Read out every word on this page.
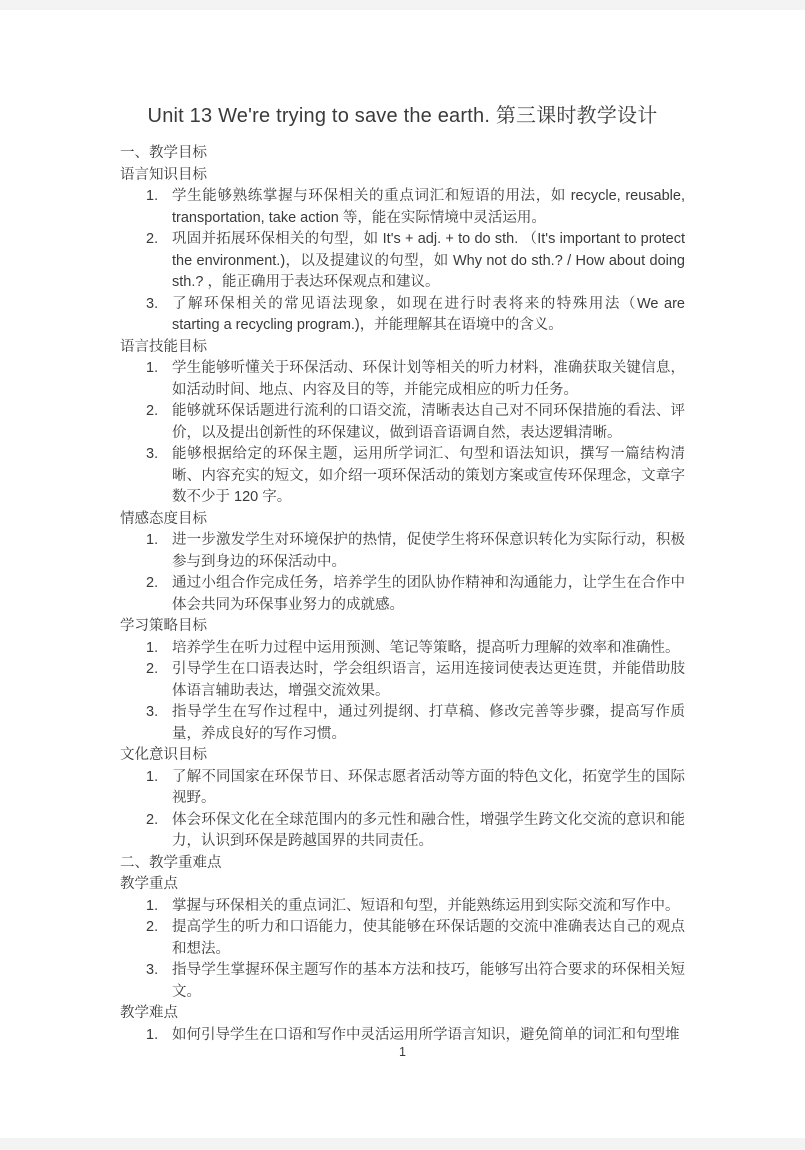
Unit 13 We're trying to save the earth. 第三课时教学设计

一、教学目标

语言知识目标

学生能够熟练掌握与环保相关的重点词汇和短语的用法，如 recycle, reusable, transportation, take action 等，能在实际情境中灵活运用。
巩固并拓展环保相关的句型，如 It's + adj. + to do sth. （It's important to protect the environment.)，以及提建议的句型，如 Why not do sth.? / How about doing sth.? ，能正确用于表达环保观点和建议。
了解环保相关的常见语法现象，如现在进行时表将来的特殊用法（We are starting a recycling program.)，并能理解其在语境中的含义。

语言技能目标

学生能够听懂关于环保活动、环保计划等相关的听力材料，准确获取关键信息，如活动时间、地点、内容及目的等，并能完成相应的听力任务。
能够就环保话题进行流利的口语交流，清晰表达自己对不同环保措施的看法、评价，以及提出创新性的环保建议，做到语音语调自然，表达逻辑清晰。
能够根据给定的环保主题，运用所学词汇、句型和语法知识，撰写一篇结构清晰、内容充实的短文，如介绍一项环保活动的策划方案或宣传环保理念，文章字数不少于 120 字。

情感态度目标

进一步激发学生对环境保护的热情，促使学生将环保意识转化为实际行动，积极参与到身边的环保活动中。
通过小组合作完成任务，培养学生的团队协作精神和沟通能力，让学生在合作中体会共同为环保事业努力的成就感。

学习策略目标

培养学生在听力过程中运用预测、笔记等策略，提高听力理解的效率和准确性。
引导学生在口语表达时，学会组织语言，运用连接词使表达更连贯，并能借助肢体语言辅助表达，增强交流效果。
指导学生在写作过程中，通过列提纲、打草稿、修改完善等步骤，提高写作质量，养成良好的写作习惯。

文化意识目标

了解不同国家在环保节日、环保志愿者活动等方面的特色文化，拓宽学生的国际视野。
体会环保文化在全球范围内的多元性和融合性，增强学生跨文化交流的意识和能力，认识到环保是跨越国界的共同责任。

二、教学重难点

教学重点

掌握与环保相关的重点词汇、短语和句型，并能熟练运用到实际交流和写作中。
提高学生的听力和口语能力，使其能够在环保话题的交流中准确表达自己的观点和想法。
指导学生掌握环保主题写作的基本方法和技巧，能够写出符合要求的环保相关短文。

教学难点

如何引导学生在口语和写作中灵活运用所学语言知识，避免简单的词汇和句型堆
1
